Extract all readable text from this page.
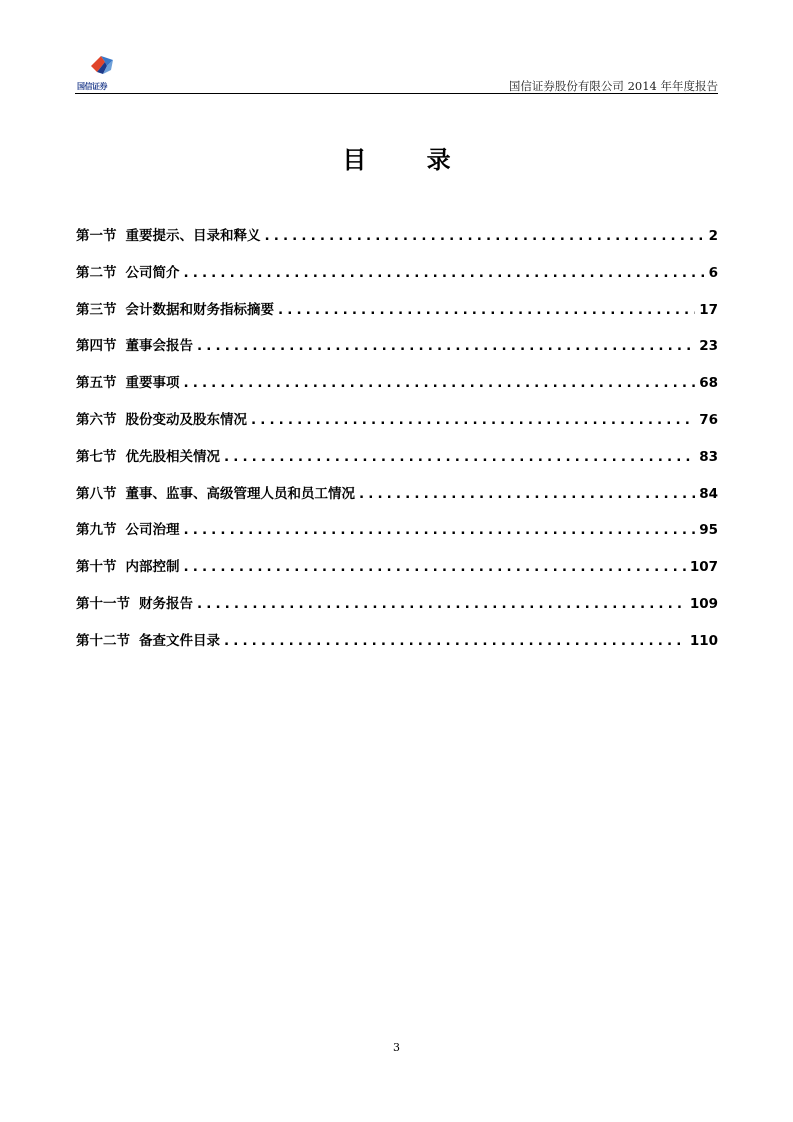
国信证券	国信证券股份有限公司 2014 年年度报告
目 录
第一节 重要提示、目录和释义 . . .	2
第二节 公司简介 . . .	6
第三节 会计数据和财务指标摘要 . . .	17
第四节 董事会报告 . . .	23
第五节 重要事项 . . .	68
第六节 股份变动及股东情况 . . .	76
第七节 优先股相关情况 . . .	83
第八节 董事、监事、高级管理人员和员工情况 . . .	84
第九节 公司治理 . . .	95
第十节 内部控制 . . .	107
第十一节 财务报告 . . .	109
第十二节 备查文件目录 . . .	110
3
